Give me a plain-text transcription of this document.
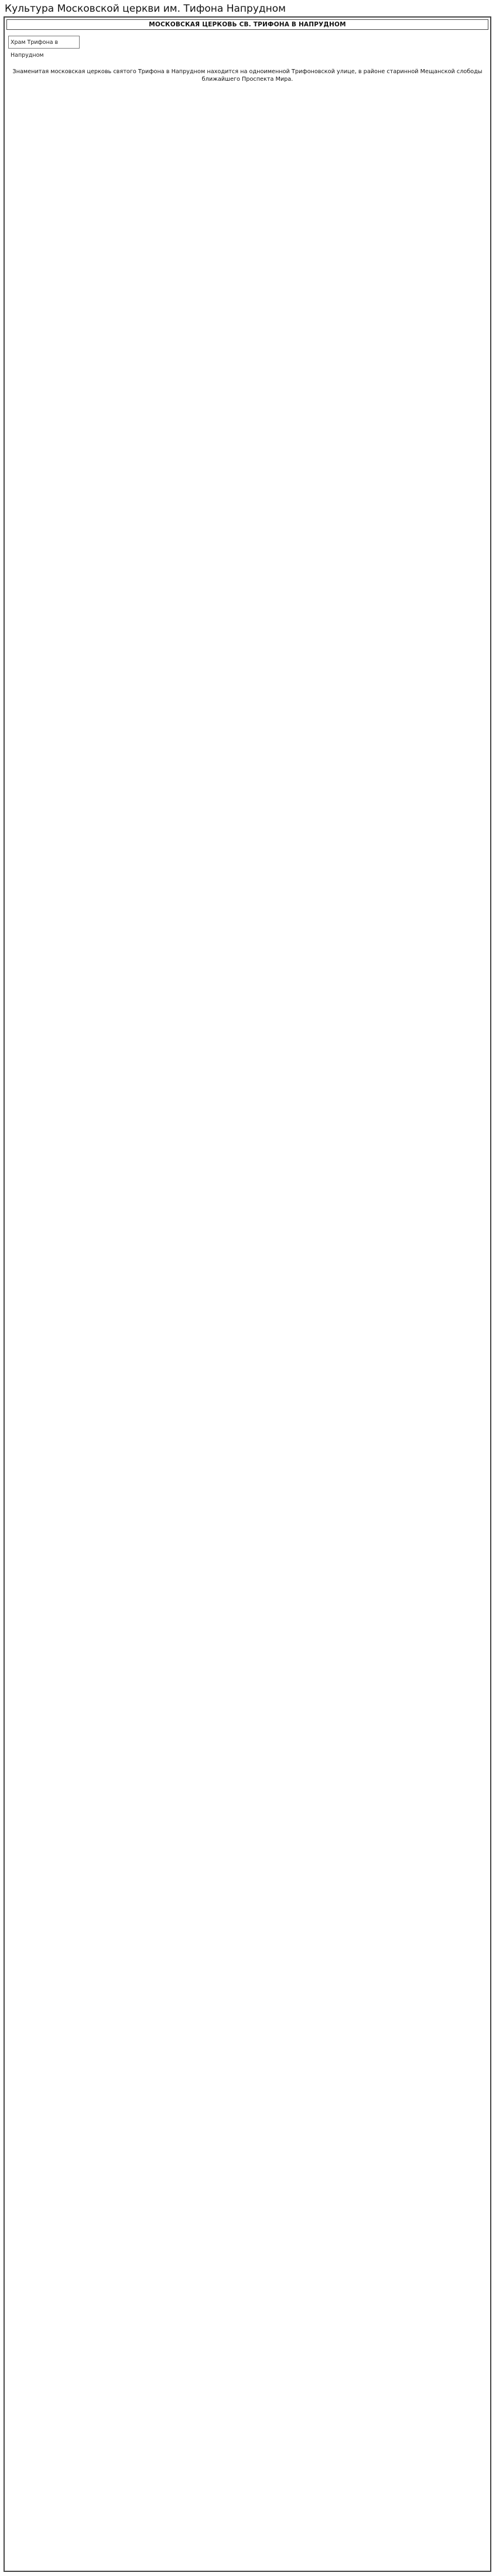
Культура Московской церкви им. Тифона Напрудном
МОСКОВСКАЯ ЦЕРКОВЬ СВ. ТРИФОНА В НАПРУДНОМ
Храм Трифона в Напрудном

Знаменитая московская церковь святого Трифона в Напрудном находится на одноименной Трифоновской улице, в районе старинной Мещанской слободы ближайшего Проспекта Мира.
